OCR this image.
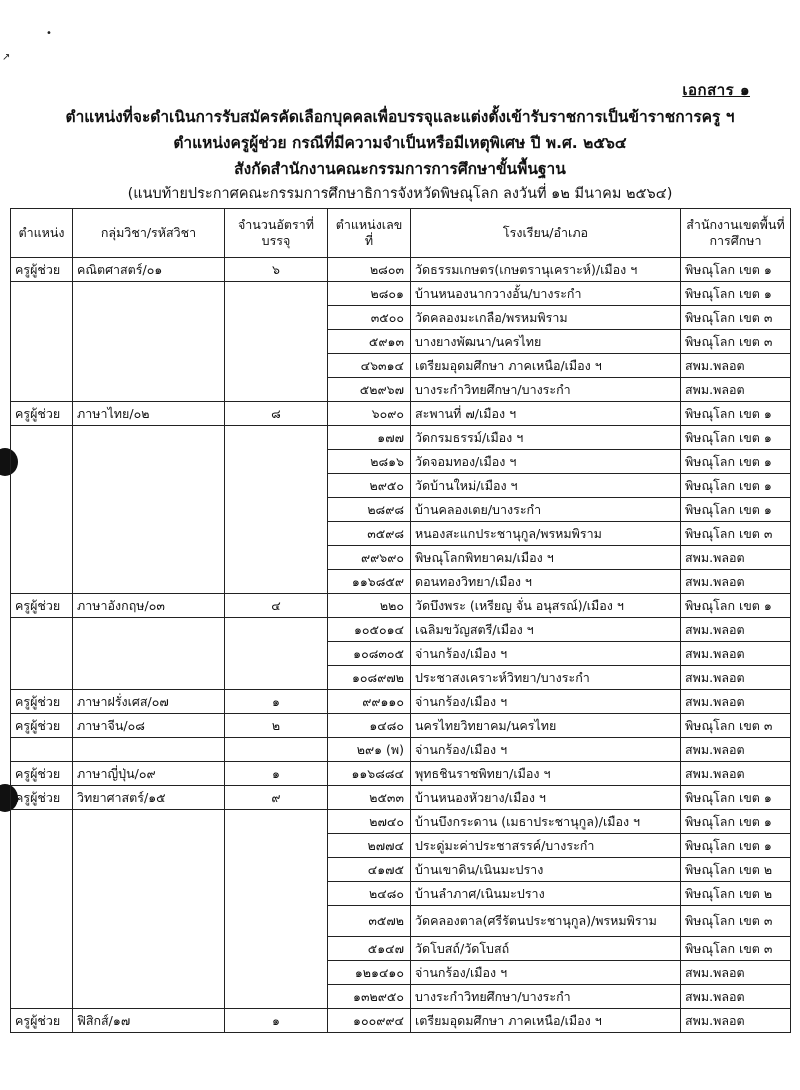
•
↗
เอกสาร ๑
ตำแหน่งที่จะดำเนินการรับสมัครคัดเลือกบุคคลเพื่อบรรจุและแต่งตั้งเข้ารับราชการเป็นข้าราชการครู ฯ
ตำแหน่งครูผู้ช่วย กรณีที่มีความจำเป็นหรือมีเหตุพิเศษ ปี พ.ศ. ๒๕๖๔
สังกัดสำนักงานคณะกรรมการการศึกษาขั้นพื้นฐาน
(แนบท้ายประกาศคณะกรรมการศึกษาธิการจังหวัดพิษณุโลก ลงวันที่ ๑๒ มีนาคม ๒๕๖๔)
ตำแหน่ง	กลุ่มวิชา/รหัสวิชา	จำนวนอัตราที่บรรจุ	ตำแหน่งเลขที่	โรงเรียน/อำเภอ	สำนักงานเขตพื้นที่การศึกษา
ครูผู้ช่วย	คณิตศาสตร์/๐๑	๖	๒๘๐๓	วัดธรรมเกษตร(เกษตรานุเคราะห์)/เมือง ฯ	พิษณุโลก เขต ๑
			๒๘๐๑	บ้านหนองนากวางอั้น/บางระกำ	พิษณุโลก เขต ๑
			๓๕๐๐	วัดคลองมะเกลือ/พรหมพิราม	พิษณุโลก เขต ๓
			๕๙๑๓	บางยางพัฒนา/นครไทย	พิษณุโลก เขต ๓
			๔๖๓๑๔	เตรียมอุดมศึกษา ภาคเหนือ/เมือง ฯ	สพม.พลอต
			๕๒๙๖๗	บางระกำวิทยศึกษา/บางระกำ	สพม.พลอต
ครูผู้ช่วย	ภาษาไทย/๐๒	๘	๖๐๙๐	สะพานที่ ๗/เมือง ฯ	พิษณุโลก เขต ๑
			๑๗๗	วัดกรมธรรม์/เมือง ฯ	พิษณุโลก เขต ๑
			๒๘๑๖	วัดจอมทอง/เมือง ฯ	พิษณุโลก เขต ๑
			๒๙๕๐	วัดบ้านใหม่/เมือง ฯ	พิษณุโลก เขต ๑
			๒๘๙๘	บ้านคลองเตย/บางระกำ	พิษณุโลก เขต ๑
			๓๕๙๘	หนองสะแกประชานุกูล/พรหมพิราม	พิษณุโลก เขต ๓
			๙๙๖๙๐	พิษณุโลกพิทยาคม/เมือง ฯ	สพม.พลอต
			๑๑๖๘๕๙	ดอนทองวิทยา/เมือง ฯ	สพม.พลอต
ครูผู้ช่วย	ภาษาอังกฤษ/๐๓	๔	๒๒๐	วัดบึงพระ (เหรียญ จั่น อนุสรณ์)/เมือง ฯ	พิษณุโลก เขต ๑
			๑๐๕๐๑๔	เฉลิมขวัญสตรี/เมือง ฯ	สพม.พลอต
			๑๐๘๓๐๕	จ่านกร้อง/เมือง ฯ	สพม.พลอต
			๑๐๘๙๗๒	ประชาสงเคราะห์วิทยา/บางระกำ	สพม.พลอต
ครูผู้ช่วย	ภาษาฝรั่งเศส/๐๗	๑	๙๙๑๑๐	จ่านกร้อง/เมือง ฯ	สพม.พลอต
ครูผู้ช่วย	ภาษาจีน/๐๘	๒	๑๔๘๐	นครไทยวิทยาคม/นครไทย	พิษณุโลก เขต ๓
			๒๙๑ (พ)	จ่านกร้อง/เมือง ฯ	สพม.พลอต
ครูผู้ช่วย	ภาษาญี่ปุ่น/๐๙	๑	๑๑๖๘๘๔	พุทธชินราชพิทยา/เมือง ฯ	สพม.พลอต
ครูผู้ช่วย	วิทยาศาสตร์/๑๕	๙	๒๕๓๓	บ้านหนองหัวยาง/เมือง ฯ	พิษณุโลก เขต ๑
			๒๗๔๐	บ้านบึงกระดาน (เมธาประชานุกูล)/เมือง ฯ	พิษณุโลก เขต ๑
			๒๗๗๔	ประดู่มะค่าประชาสรรค์/บางระกำ	พิษณุโลก เขต ๑
			๔๑๗๕	บ้านเขาดิน/เนินมะปราง	พิษณุโลก เขต ๒
			๒๔๘๐	บ้านลำภาศ/เนินมะปราง	พิษณุโลก เขต ๒
			๓๕๗๒	วัดคลองตาล(ศรีรัตนประชานุกูล)/พรหมพิราม	พิษณุโลก เขต ๓
			๕๑๔๗	วัดโบสถ์/วัดโบสถ์	พิษณุโลก เขต ๓
			๑๒๑๔๑๐	จ่านกร้อง/เมือง ฯ	สพม.พลอต
			๑๓๒๙๕๐	บางระกำวิทยศึกษา/บางระกำ	สพม.พลอต
ครูผู้ช่วย	ฟิสิกส์/๑๗	๑	๑๐๐๙๙๔	เตรียมอุดมศึกษา ภาคเหนือ/เมือง ฯ	สพม.พลอต
